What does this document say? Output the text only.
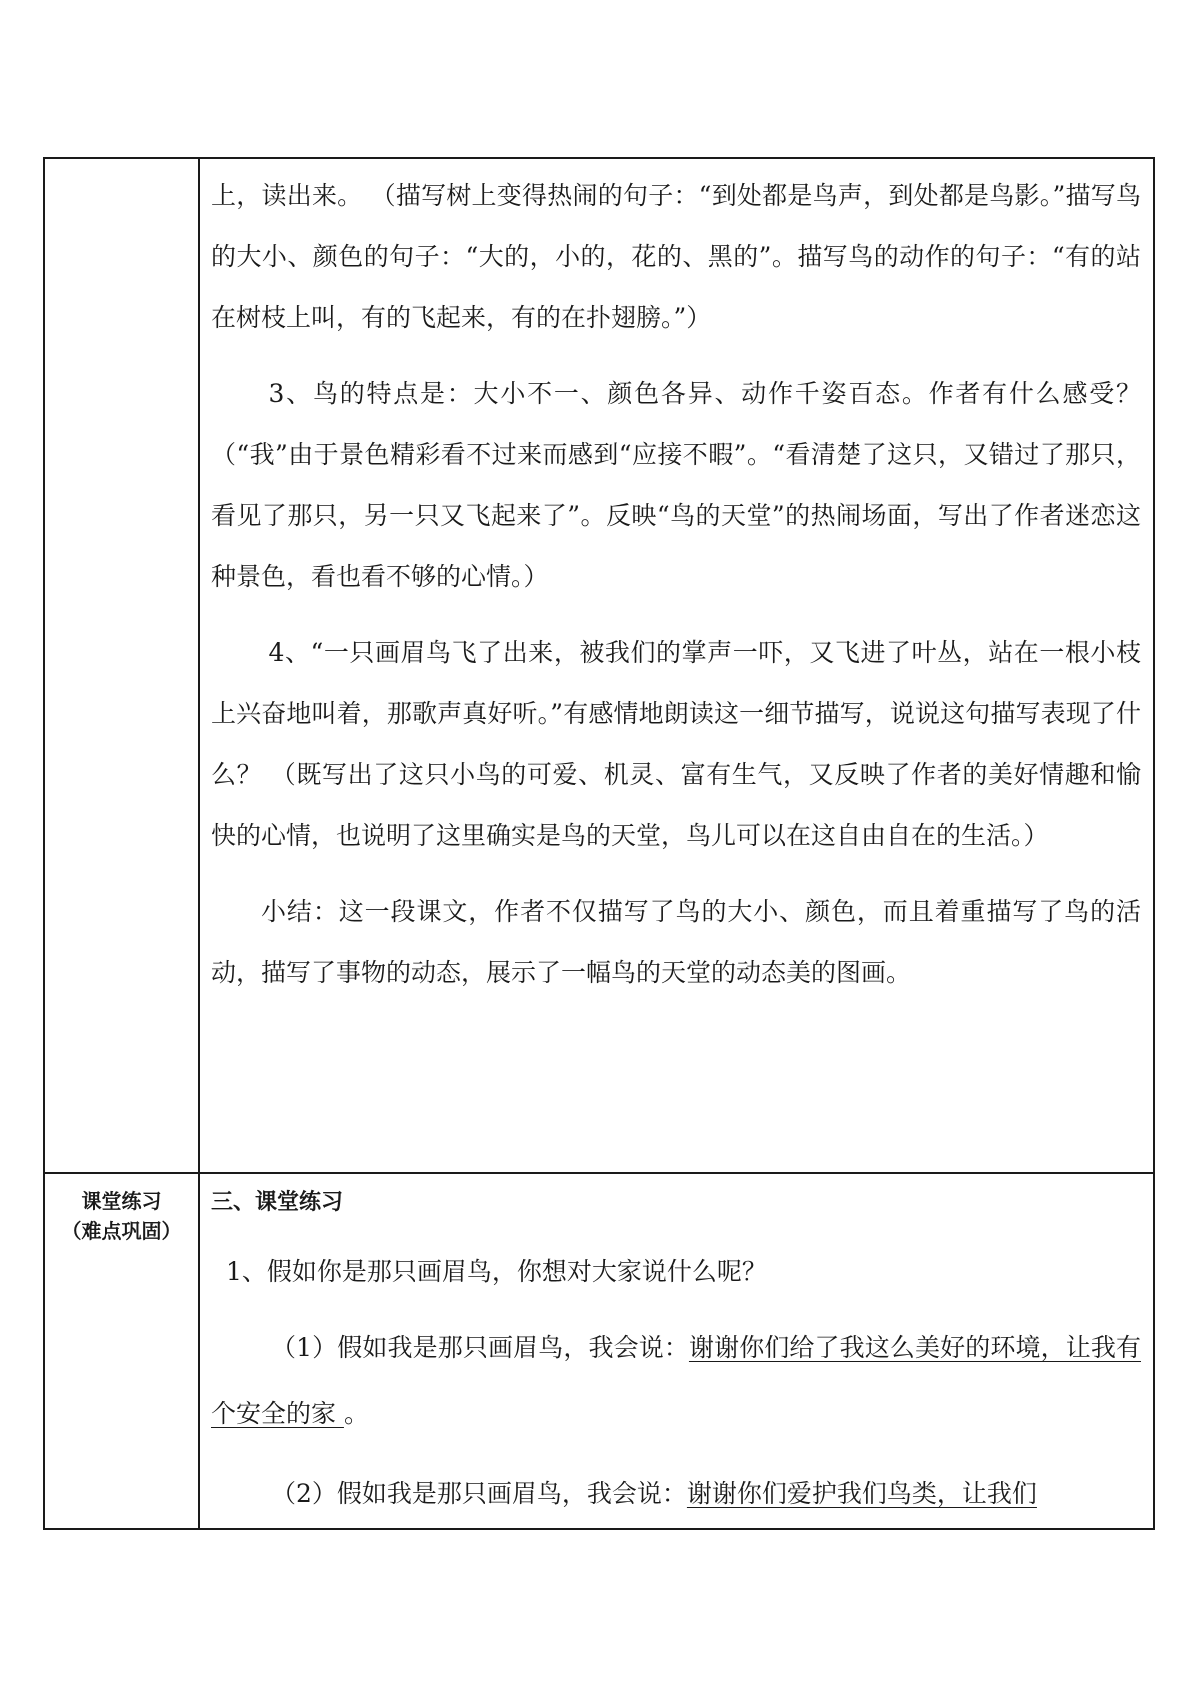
课堂练习
（难点巩固）

上，读出来。 （描写树上变得热闹的句子：“到处都是鸟声，到处都是鸟影。”描写鸟的大小、颜色的句子：“大的，小的，花的、黑的”。描写鸟的动作的句子：“有的站在树枝上叫，有的飞起来，有的在扑翅膀。”）

3、鸟的特点是：大小不一、颜色各异、动作千姿百态。作者有什么感受？ （“我”由于景色精彩看不过来而感到“应接不暇”。“看清楚了这只，又错过了那只，看见了那只，另一只又飞起来了”。反映“鸟的天堂”的热闹场面，写出了作者迷恋这种景色，看也看不够的心情。）

4、“一只画眉鸟飞了出来，被我们的掌声一吓，又飞进了叶丛，站在一根小枝上兴奋地叫着，那歌声真好听。”有感情地朗读这一细节描写，说说这句描写表现了什么？ （既写出了这只小鸟的可爱、机灵、富有生气，又反映了作者的美好情趣和愉快的心情，也说明了这里确实是鸟的天堂，鸟儿可以在这自由自在的生活。）

小结：这一段课文，作者不仅描写了鸟的大小、颜色，而且着重描写了鸟的活动，描写了事物的动态，展示了一幅鸟的天堂的动态美的图画。

三、课堂练习

1、假如你是那只画眉鸟，你想对大家说什么呢？

（1）假如我是那只画眉鸟，我会说：谢谢你们给了我这么美好的环境，让我有个安全的家 。

（2）假如我是那只画眉鸟，我会说：谢谢你们爱护我们鸟类，让我们
